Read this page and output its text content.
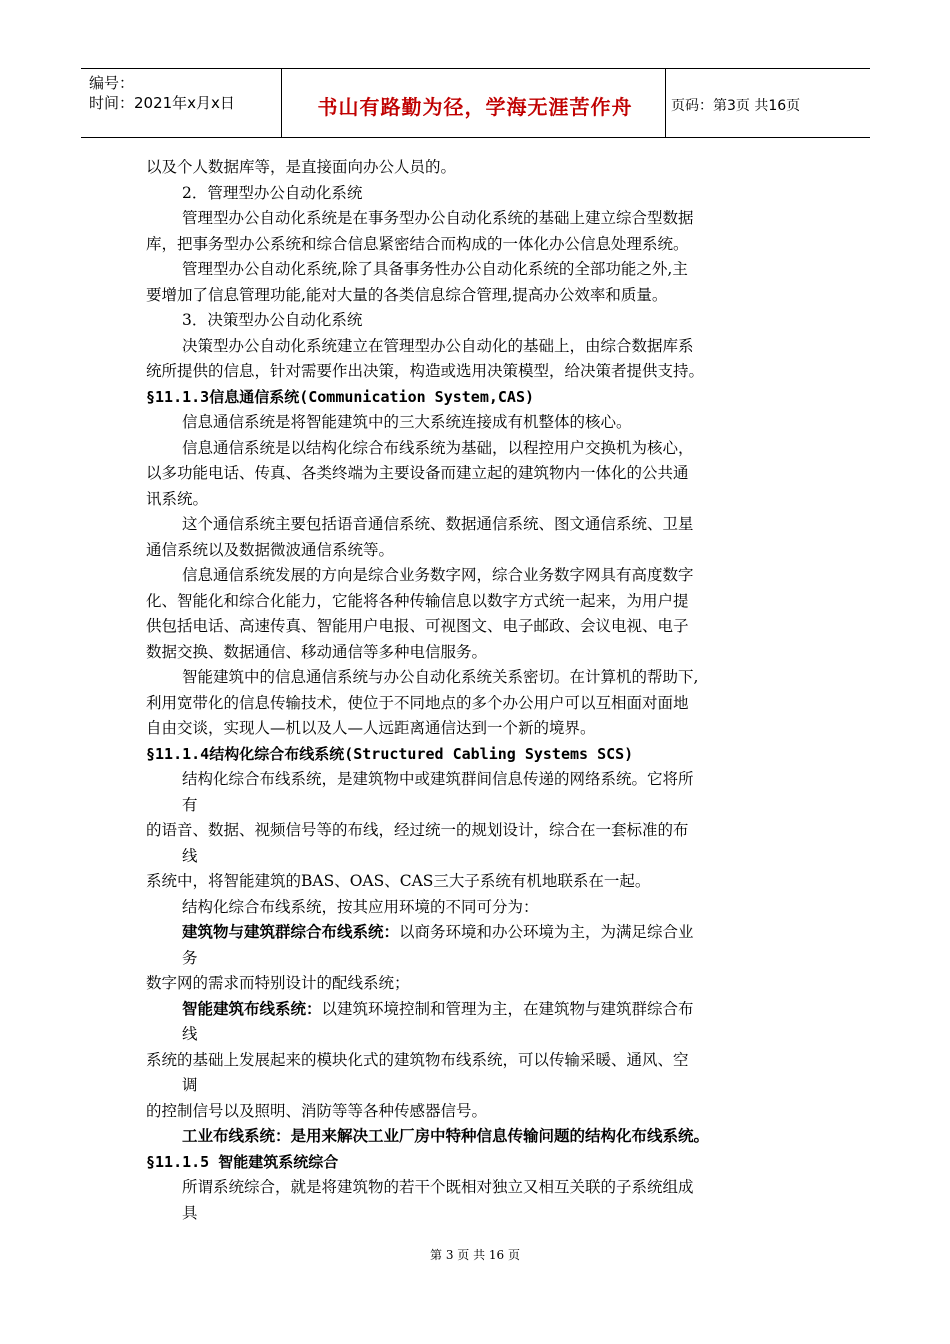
编号：
时间：2021年x月x日	书山有路勤为径，学海无涯苦作舟	页码：第3页 共16页
以及个人数据库等，是直接面向办公人员的。
2．管理型办公自动化系统
管理型办公自动化系统是在事务型办公自动化系统的基础上建立综合型数据
库，把事务型办公系统和综合信息紧密结合而构成的一体化办公信息处理系统。
管理型办公自动化系统,除了具备事务性办公自动化系统的全部功能之外,主
要增加了信息管理功能,能对大量的各类信息综合管理,提高办公效率和质量。
3．决策型办公自动化系统
决策型办公自动化系统建立在管理型办公自动化的基础上，由综合数据库系
统所提供的信息，针对需要作出决策，构造或选用决策模型，给决策者提供支持。
§11.1.3信息通信系统(Communication System,CAS)
信息通信系统是将智能建筑中的三大系统连接成有机整体的核心。
信息通信系统是以结构化综合布线系统为基础，以程控用户交换机为核心，
以多功能电话、传真、各类终端为主要设备而建立起的建筑物内一体化的公共通
讯系统。
这个通信系统主要包括语音通信系统、数据通信系统、图文通信系统、卫星
通信系统以及数据微波通信系统等。
信息通信系统发展的方向是综合业务数字网，综合业务数字网具有高度数字
化、智能化和综合化能力，它能将各种传输信息以数字方式统一起来，为用户提
供包括电话、高速传真、智能用户电报、可视图文、电子邮政、会议电视、电子
数据交换、数据通信、移动通信等多种电信服务。
智能建筑中的信息通信系统与办公自动化系统关系密切。在计算机的帮助下,
利用宽带化的信息传输技术，使位于不同地点的多个办公用户可以互相面对面地
自由交谈，实现人—机以及人—人远距离通信达到一个新的境界。
§11.1.4结构化综合布线系统(Structured Cabling Systems SCS)
结构化综合布线系统，是建筑物中或建筑群间信息传递的网络系统。它将所
有
的语音、数据、视频信号等的布线，经过统一的规划设计，综合在一套标准的布
线
系统中，将智能建筑的BAS、OAS、CAS三大子系统有机地联系在一起。
结构化综合布线系统，按其应用环境的不同可分为：
建筑物与建筑群综合布线系统：以商务环境和办公环境为主，为满足综合业
务
数字网的需求而特别设计的配线系统；
智能建筑布线系统：以建筑环境控制和管理为主，在建筑物与建筑群综合布
线
系统的基础上发展起来的模块化式的建筑物布线系统，可以传输采暖、通风、空
调
的控制信号以及照明、消防等等各种传感器信号。
工业布线系统：是用来解决工业厂房中特种信息传输问题的结构化布线系统。
§11.1.5 智能建筑系统综合
所谓系统综合，就是将建筑物的若干个既相对独立又相互关联的子系统组成
具
第 3 页 共 16 页
